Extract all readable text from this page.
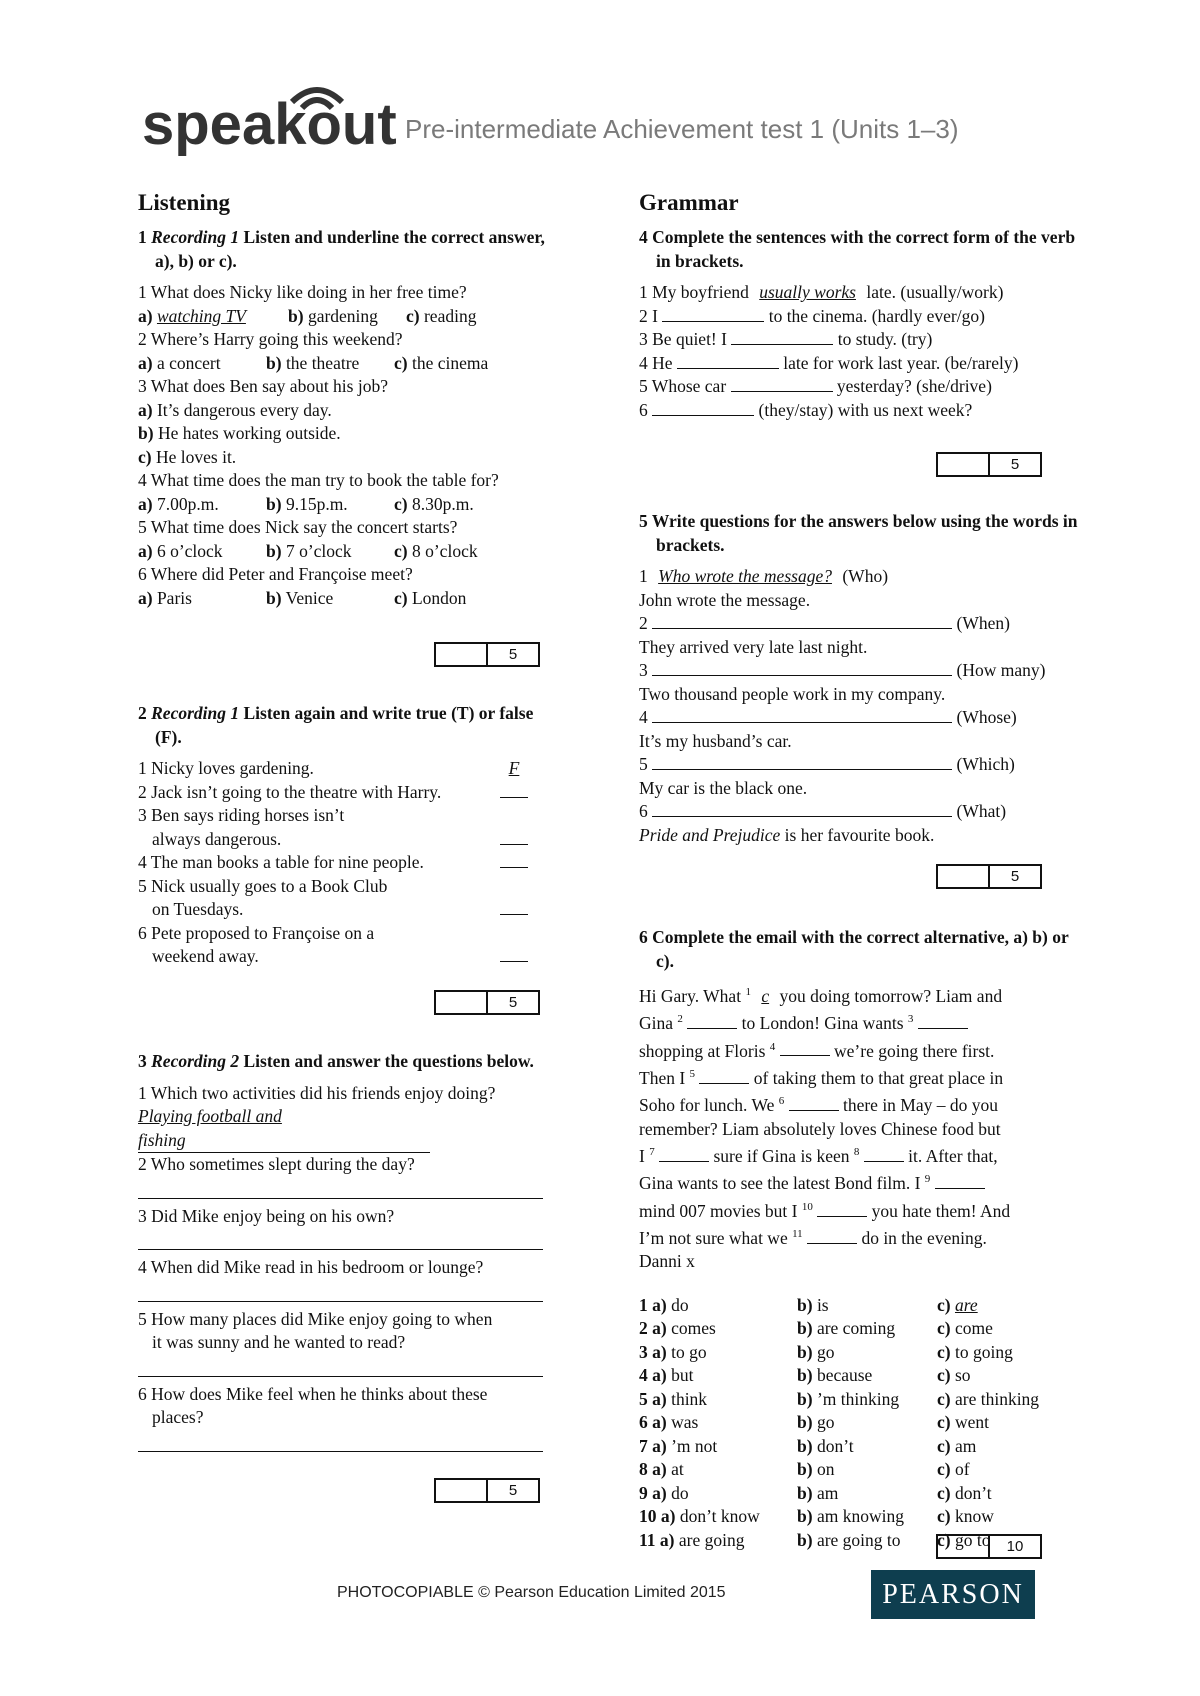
speakout Pre-intermediate Achievement test 1 (Units 1–3)
Listening
1 Recording 1 Listen and underline the correct answer, a), b) or c).
1 What does Nicky like doing in her free time?
a) watching TV	b) gardening	c) reading
2 Where’s Harry going this weekend?
a) a concert	b) the theatre	c) the cinema
3 What does Ben say about his job?
a) It’s dangerous every day.
b) He hates working outside.
c) He loves it.
4 What time does the man try to book the table for?
a) 7.00p.m.	b) 9.15p.m.	c) 8.30p.m.
5 What time does Nick say the concert starts?
a) 6 o’clock	b) 7 o’clock	c) 8 o’clock
6 Where did Peter and Françoise meet?
a) Paris	b) Venice	c) London
5
2 Recording 1 Listen again and write true (T) or false (F).
1 Nicky loves gardening.	F
2 Jack isn’t going to the theatre with Harry.
3 Ben says riding horses isn’t
always dangerous.
4 The man books a table for nine people.
5 Nick usually goes to a Book Club
on Tuesdays.
6 Pete proposed to Françoise on a
weekend away.
5
3 Recording 2 Listen and answer the questions below.
1 Which two activities did his friends enjoy doing?
Playing football and
fishing
2 Who sometimes slept during the day?
3 Did Mike enjoy being on his own?
4 When did Mike read in his bedroom or lounge?
5 How many places did Mike enjoy going to when
it was sunny and he wanted to read?
6 How does Mike feel when he thinks about these
places?
5
Grammar
4 Complete the sentences with the correct form of the verb in brackets.
1 My boyfriend usually works late. (usually/work)
2 I	to the cinema. (hardly ever/go)
3 Be quiet! I	to study. (try)
4 He	late for work last year. (be/rarely)
5 Whose car	yesterday? (she/drive)
6	(they/stay) with us next week?
5
5 Write questions for the answers below using the words in brackets.
1 Who wrote the message? (Who)
John wrote the message.
2	(When)
They arrived very late last night.
3	(How many)
Two thousand people work in my company.
4	(Whose)
It’s my husband’s car.
5	(Which)
My car is the black one.
6	(What)
Pride and Prejudice is her favourite book.
5
6 Complete the email with the correct alternative, a) b) or c).
Hi Gary. What $^1$ c you doing tomorrow? Liam and
Gina $^2$	to London! Gina wants $^3$
shopping at Floris $^4$	we’re going there first.
Then I $^5$	of taking them to that great place in
Soho for lunch. We $^6$	there in May – do you
remember? Liam absolutely loves Chinese food but
I $^7$	sure if Gina is keen $^8$	it. After that,
Gina wants to see the latest Bond film. I $^9$
mind 007 movies but I $^{10}$	you hate them! And
I’m not sure what we $^{11}$	do in the evening.
Danni x
1 a) do	b) is	c) are
2 a) comes	b) are coming	c) come
3 a) to go	b) go	c) to going
4 a) but	b) because	c) so
5 a) think	b) ’m thinking	c) are thinking
6 a) was	b) go	c) went
7 a) ’m not	b) don’t	c) am
8 a) at	b) on	c) of
9 a) do	b) am	c) don’t
10 a) don’t know	b) am knowing	c) know
11 a) are going	b) are going to	c) go to	10
PHOTOCOPIABLE © Pearson Education Limited 2015	PEARSON
